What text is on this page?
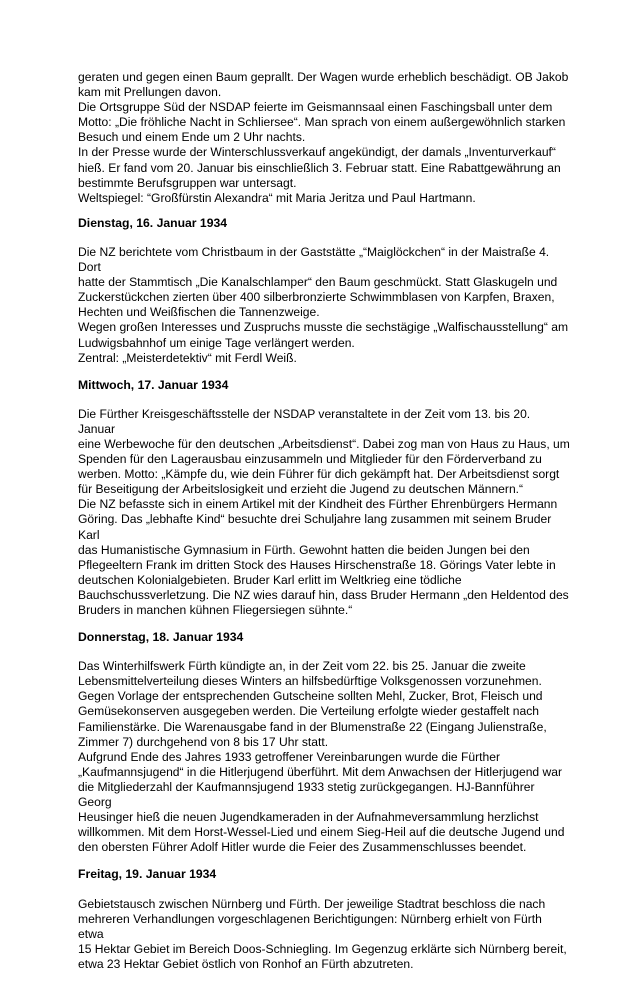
geraten und gegen einen Baum geprallt. Der Wagen wurde erheblich beschädigt. OB Jakob
kam mit Prellungen davon.

Die Ortsgruppe Süd der NSDAP feierte im Geismannsaal einen Faschingsball unter dem
Motto: „Die fröhliche Nacht in Schliersee“. Man sprach von einem außergewöhnlich starken
Besuch und einem Ende um 2 Uhr nachts.

In der Presse wurde der Winterschlussverkauf angekündigt, der damals „Inventurverkauf“
hieß. Er fand vom 20. Januar bis einschließlich 3. Februar statt. Eine Rabattgewährung an
bestimmte Berufsgruppen war untersagt.

Weltspiegel: “Großfürstin Alexandra“ mit Maria Jeritza und Paul Hartmann.

Dienstag, 16. Januar 1934

Die NZ berichtete vom Christbaum in der Gaststätte „“Maiglöckchen“ in der Maistraße 4. Dort
hatte der Stammtisch „Die Kanalschlamper“ den Baum geschmückt. Statt Glaskugeln und
Zuckerstückchen zierten über 400 silberbronzierte Schwimmblasen von Karpfen, Braxen,
Hechten und Weißfischen die Tannenzweige.

Wegen großen Interesses und Zuspruchs musste die sechstägige „Walfischausstellung“ am
Ludwigsbahnhof um einige Tage verlängert werden.

Zentral: „Meisterdetektiv“ mit Ferdl Weiß.

Mittwoch, 17. Januar 1934

Die Fürther Kreisgeschäftsstelle der NSDAP veranstaltete in der Zeit vom 13. bis 20. Januar
eine Werbewoche für den deutschen „Arbeitsdienst“. Dabei zog man von Haus zu Haus, um
Spenden für den Lagerausbau einzusammeln und Mitglieder für den Förderverband zu
werben. Motto: „Kämpfe du, wie dein Führer für dich gekämpft hat. Der Arbeitsdienst sorgt
für Beseitigung der Arbeitslosigkeit und erzieht die Jugend zu deutschen Männern.“

Die NZ befasste sich in einem Artikel mit der Kindheit des Fürther Ehrenbürgers Hermann
Göring. Das „lebhafte Kind“ besuchte drei Schuljahre lang zusammen mit seinem Bruder Karl
das Humanistische Gymnasium in Fürth. Gewohnt hatten die beiden Jungen bei den
Pflegeeltern Frank im dritten Stock des Hauses Hirschenstraße 18. Görings Vater lebte in
deutschen Kolonialgebieten. Bruder Karl erlitt im Weltkrieg eine tödliche
Bauchschussverletzung. Die NZ wies darauf hin, dass Bruder Hermann „den Heldentod des
Bruders in manchen kühnen Fliegersiegen sühnte.“

Donnerstag, 18. Januar 1934

Das Winterhilfswerk Fürth kündigte an, in der Zeit vom 22. bis 25. Januar die zweite
Lebensmittelverteilung dieses Winters an hilfsbedürftige Volksgenossen vorzunehmen.
Gegen Vorlage der entsprechenden Gutscheine sollten Mehl, Zucker, Brot, Fleisch und
Gemüsekonserven ausgegeben werden. Die Verteilung erfolgte wieder gestaffelt nach
Familienstärke. Die Warenausgabe fand in der Blumenstraße 22 (Eingang Julienstraße,
Zimmer 7) durchgehend von 8 bis 17 Uhr statt.

Aufgrund Ende des Jahres 1933 getroffener Vereinbarungen wurde die Fürther
„Kaufmannsjugend“ in die Hitlerjugend überführt. Mit dem Anwachsen der Hitlerjugend war
die Mitgliederzahl der Kaufmannsjugend 1933 stetig zurückgegangen. HJ-Bannführer Georg
Heusinger hieß die neuen Jugendkameraden in der Aufnahmeversammlung herzlichst
willkommen. Mit dem Horst-Wessel-Lied und einem Sieg-Heil auf die deutsche Jugend und
den obersten Führer Adolf Hitler wurde die Feier des Zusammenschlusses beendet.

Freitag, 19. Januar 1934

Gebietstausch zwischen Nürnberg und Fürth. Der jeweilige Stadtrat beschloss die nach
mehreren Verhandlungen vorgeschlagenen Berichtigungen: Nürnberg erhielt von Fürth etwa
15 Hektar Gebiet im Bereich Doos-Schniegling. Im Gegenzug erklärte sich Nürnberg bereit,
etwa 23 Hektar Gebiet östlich von Ronhof an Fürth abzutreten.
